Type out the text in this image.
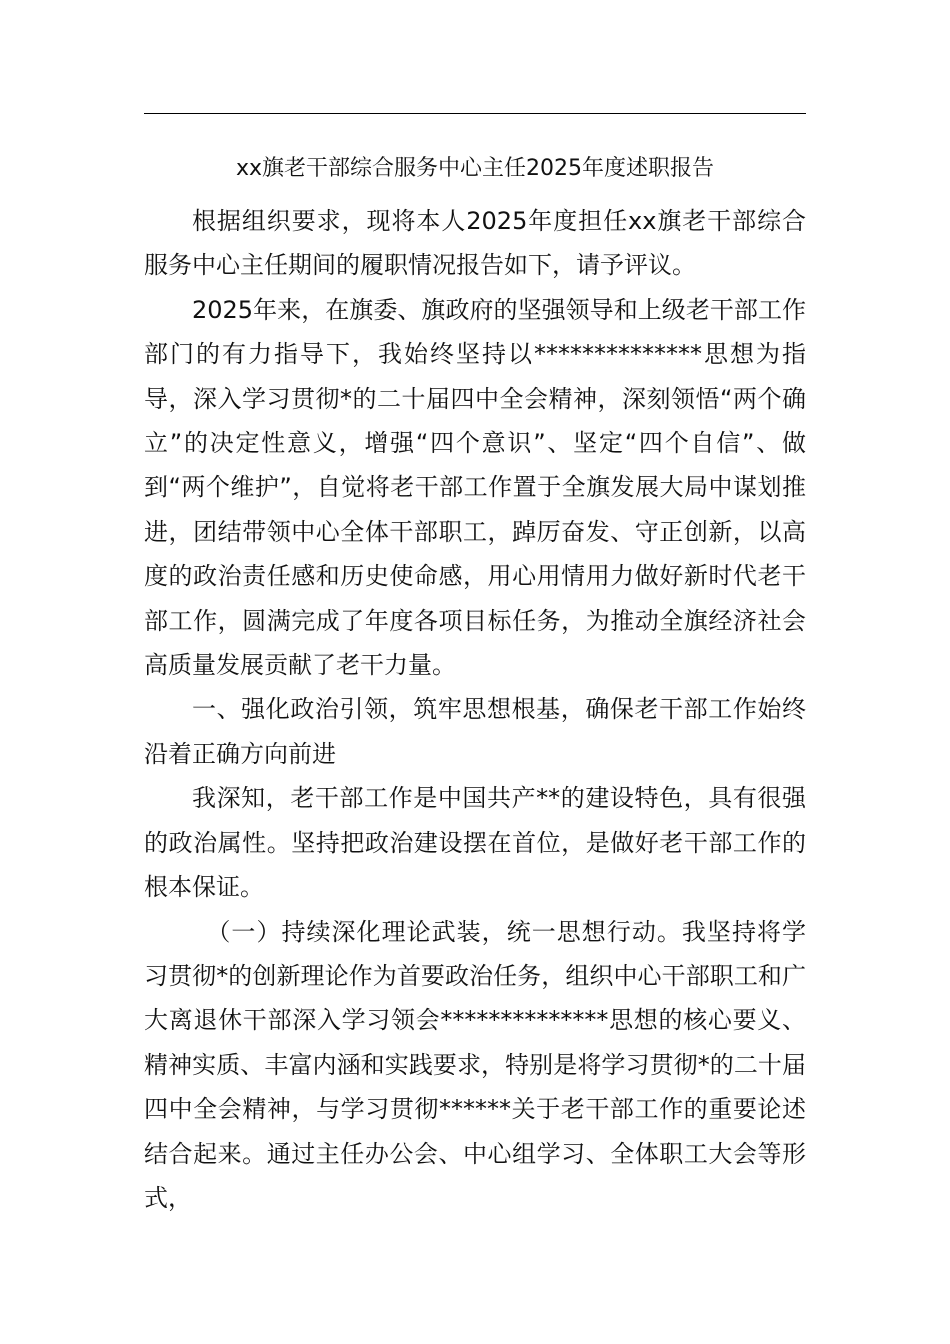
xx旗老干部综合服务中心主任2025年度述职报告

根据组织要求，现将本人2025年度担任xx旗老干部综合服务中心主任期间的履职情况报告如下，请予评议。

2025年来，在旗委、旗政府的坚强领导和上级老干部工作部门的有力指导下，我始终坚持以**************思想为指导，深入学习贯彻*的二十届四中全会精神，深刻领悟“两个确立”的决定性意义，增强“四个意识”、坚定“四个自信”、做到“两个维护”，自觉将老干部工作置于全旗发展大局中谋划推进，团结带领中心全体干部职工，踔厉奋发、守正创新，以高度的政治责任感和历史使命感，用心用情用力做好新时代老干部工作，圆满完成了年度各项目标任务，为推动全旗经济社会高质量发展贡献了老干力量。

一、强化政治引领，筑牢思想根基，确保老干部工作始终沿着正确方向前进

我深知，老干部工作是中国共产**的建设特色，具有很强的政治属性。坚持把政治建设摆在首位，是做好老干部工作的根本保证。

（一）持续深化理论武装，统一思想行动。我坚持将学习贯彻*的创新理论作为首要政治任务，组织中心干部职工和广大离退休干部深入学习领会**************思想的核心要义、精神实质、丰富内涵和实践要求，特别是将学习贯彻*的二十届四中全会精神，与学习贯彻******关于老干部工作的重要论述结合起来。通过主任办公会、中心组学习、全体职工大会等形式，
